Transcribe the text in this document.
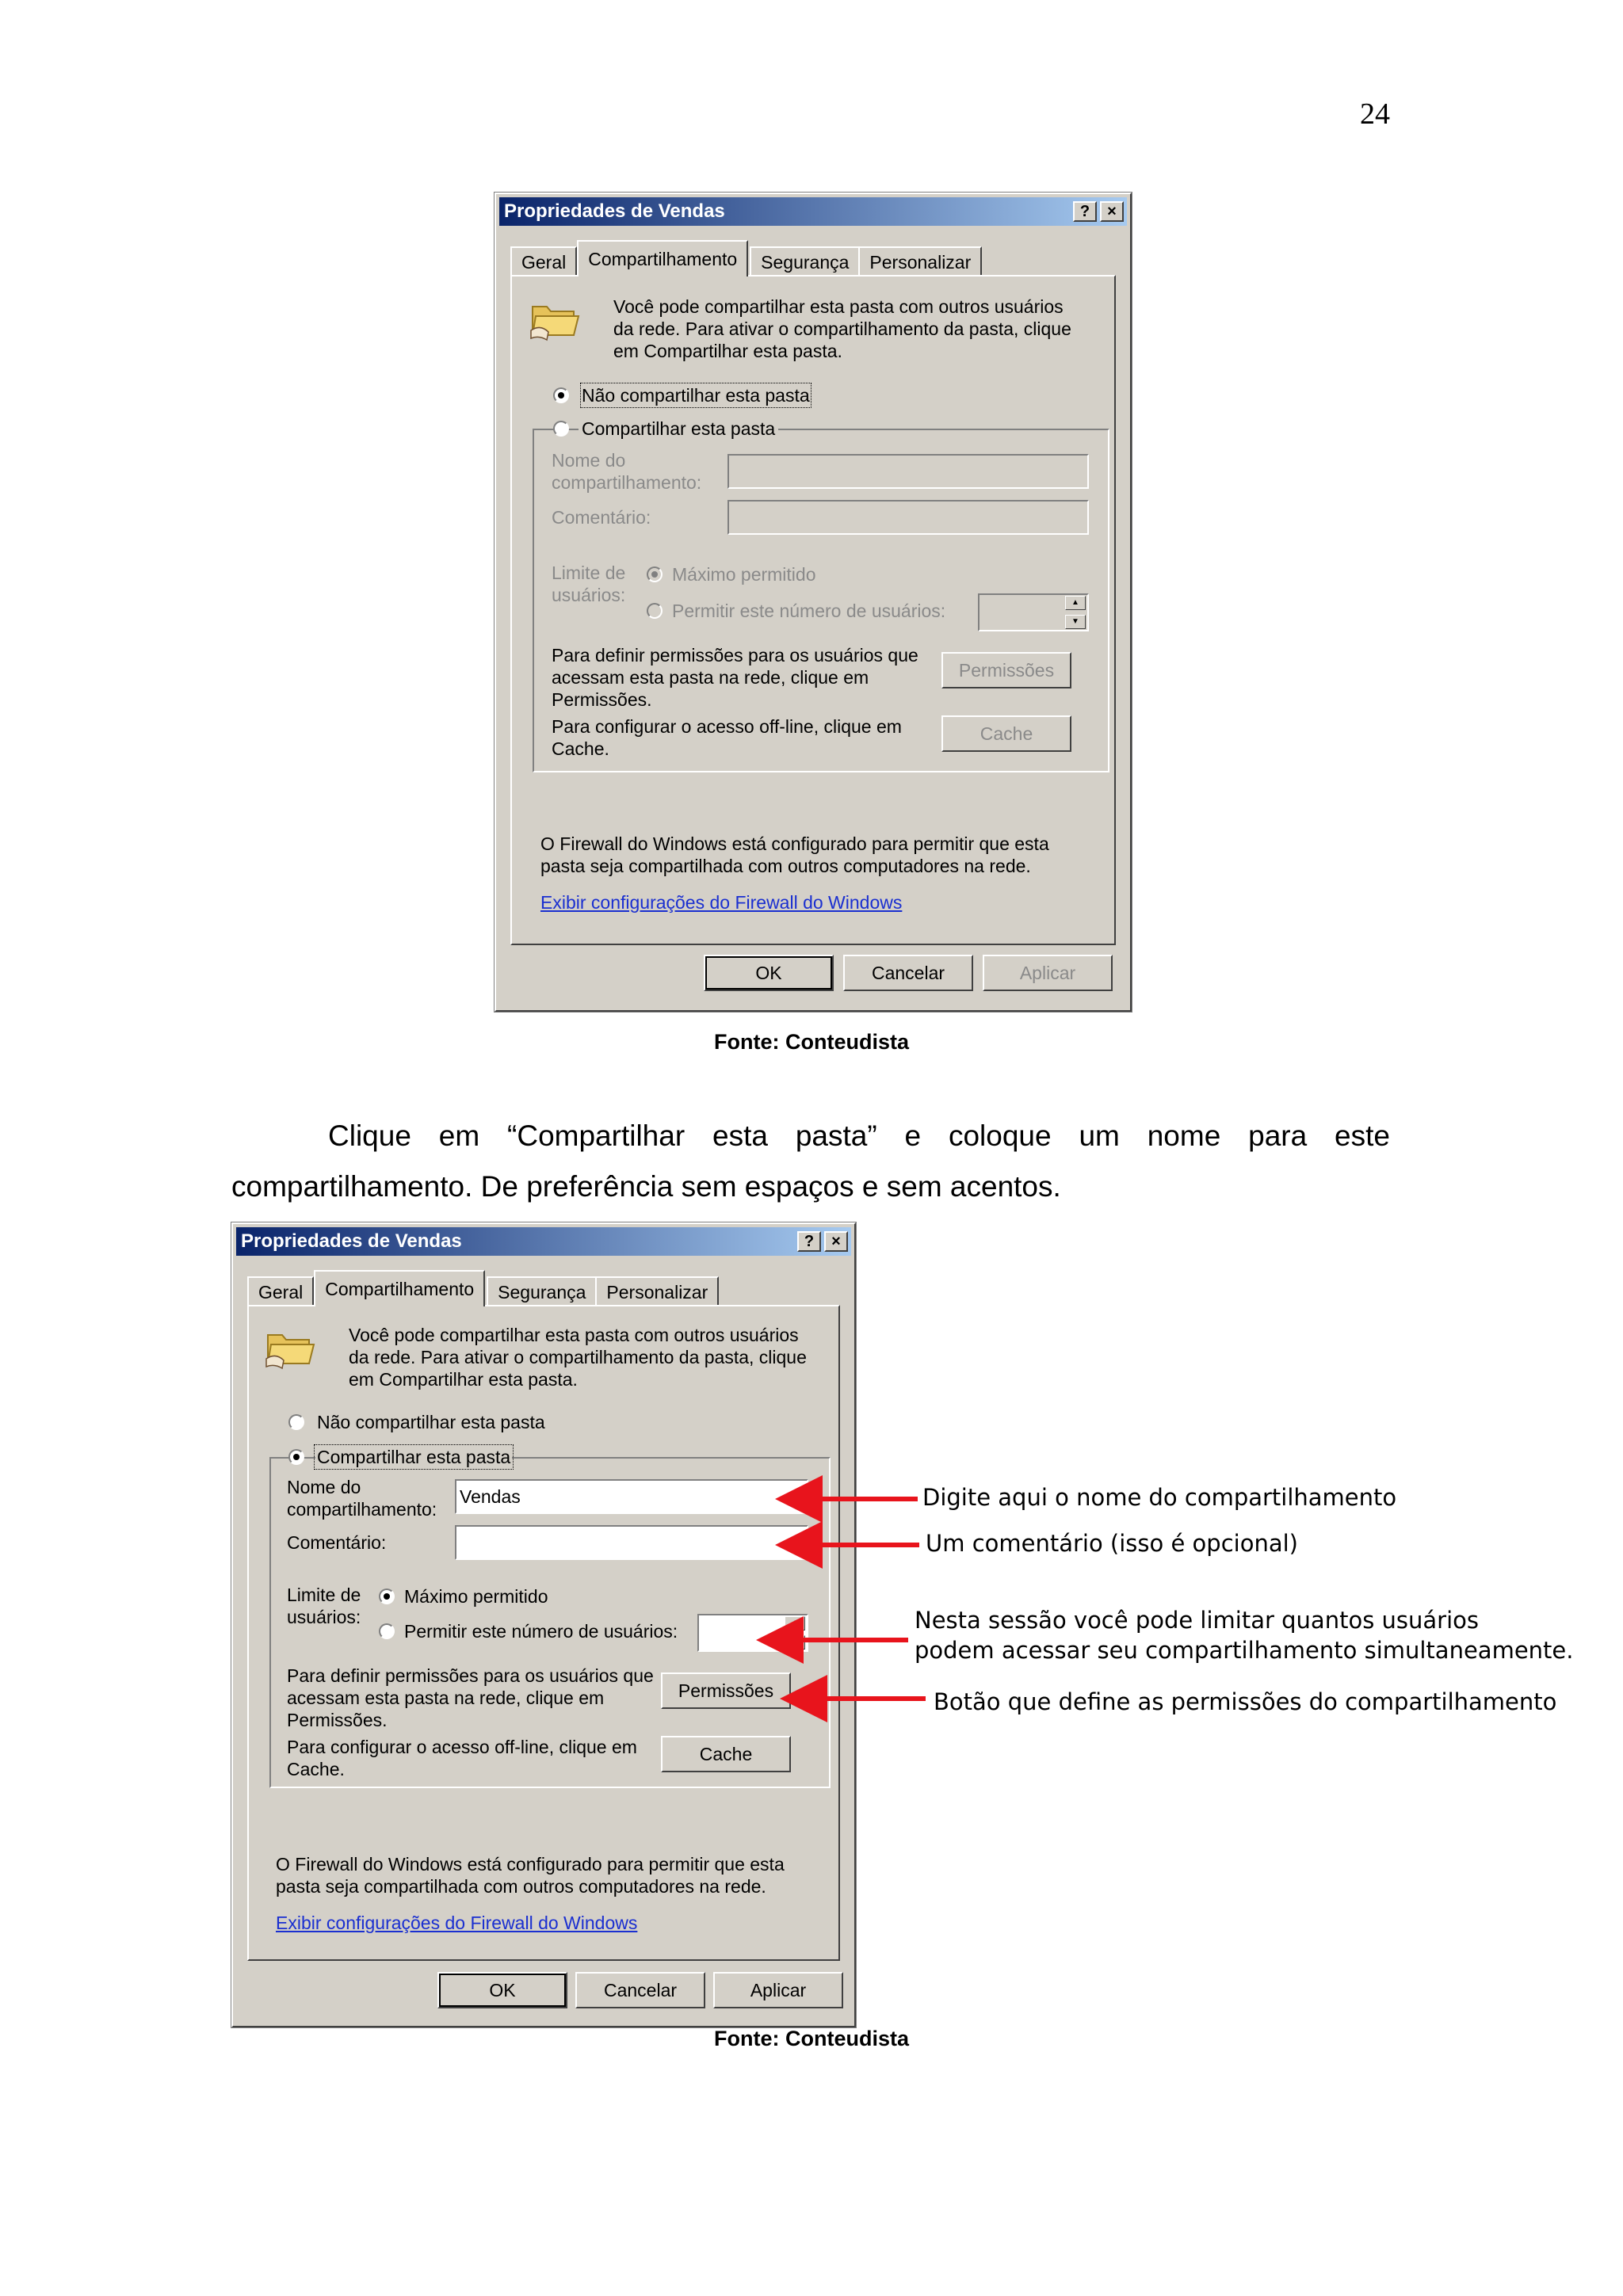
24
Propriedades de Vendas	?	×
Geral	Compartilhamento	Segurança	Personalizar
Você pode compartilhar esta pasta com outros usuários
da rede. Para ativar o compartilhamento da pasta, clique
em Compartilhar esta pasta.
Não compartilhar esta pasta
Compartilhar esta pasta
Nome do
compartilhamento:
Comentário:
Limite de
usuários:
Máximo permitido
Permitir este número de usuários:	▲
▼
Para definir permissões para os usuários que
acessam esta pasta na rede, clique em
Permissões.
Permissões
Para configurar o acesso off-line, clique em
Cache.
Cache
O Firewall do Windows está configurado para permitir que esta
pasta seja compartilhada com outros computadores na rede.
Exibir configurações do Firewall do Windows
OK	Cancelar	Aplicar
Fonte: Conteudista
Clique em “Compartilhar esta pasta” e coloque um nome para este
compartilhamento. De preferência sem espaços e sem acentos.
Propriedades de Vendas	?	×
Geral	Compartilhamento	Segurança	Personalizar
Você pode compartilhar esta pasta com outros usuários
da rede. Para ativar o compartilhamento da pasta, clique
em Compartilhar esta pasta.
Não compartilhar esta pasta
Compartilhar esta pasta
Nome do
compartilhamento:
Vendas
Comentário:
Limite de
usuários:
Máximo permitido
Permitir este número de usuários:	▲
▼
Para definir permissões para os usuários que
acessam esta pasta na rede, clique em
Permissões.
Permissões
Para configurar o acesso off-line, clique em
Cache.
Cache
O Firewall do Windows está configurado para permitir que esta
pasta seja compartilhada com outros computadores na rede.
Exibir configurações do Firewall do Windows
OK	Cancelar	Aplicar
Digite aqui o nome do compartilhamento
Um comentário (isso é opcional)
Nesta sessão você pode limitar quantos usuários
podem acessar seu compartilhamento simultaneamente.
Botão que define as permissões do compartilhamento
Fonte: Conteudista
